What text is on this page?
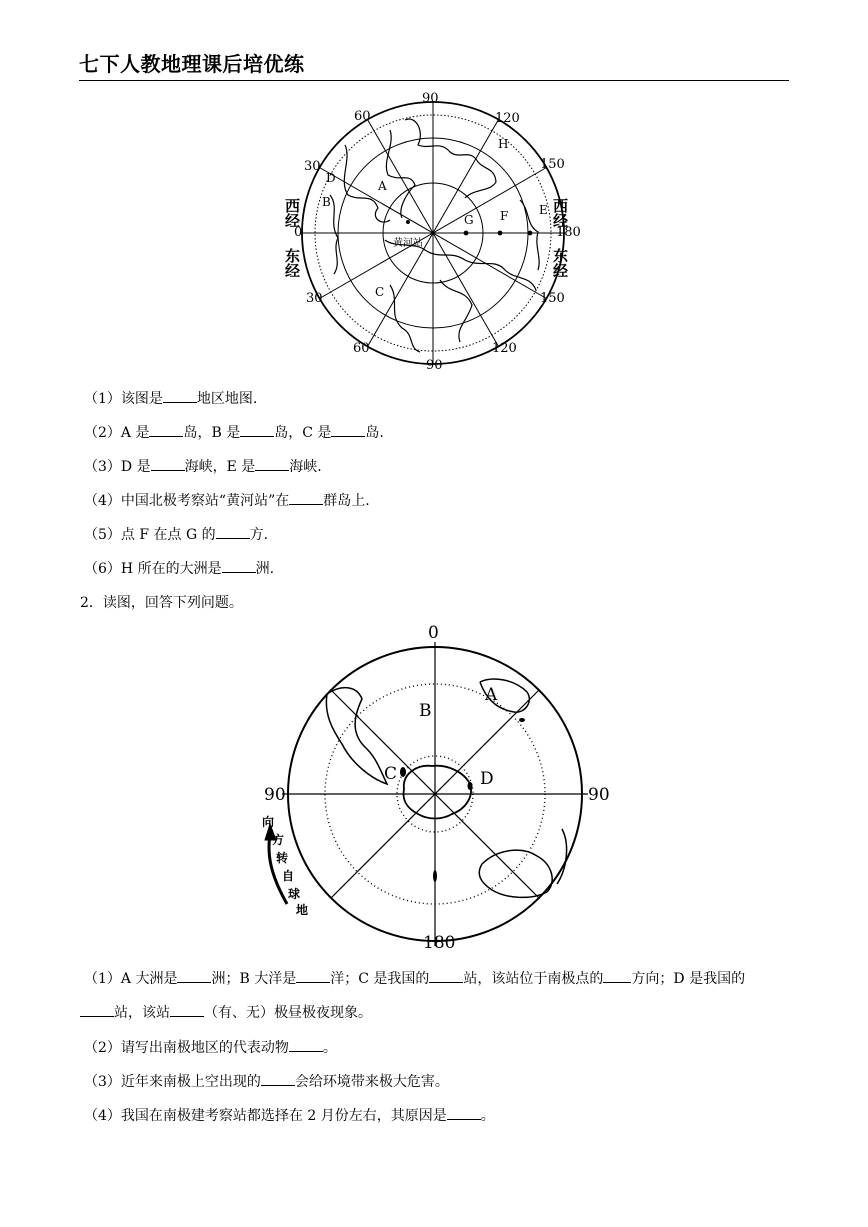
七下人教地理课后培优练
90
120
150
180
150
120
90
60
30
0
30
60
西经
东经
西经
东经
A
B
C
D
E
F
G
H
黄河站
（1）该图是 地区地图.
（2）A 是 岛，B 是 岛，C 是 岛.
（3）D 是 海峡，E 是 海峡.
（4）中国北极考察站“黄河站”在 群岛上.
（5）点 F 在点 G 的 方.
（6）H 所在的大洲是 洲.
2．读图，回答下列问题。
0
180
90	90
A
B
C	D
向
方
转
自
球
地
（1）A 大洲是 洲；B 大洋是 洋；C 是我国的 站，该站位于南极点的 方向；D 是我国的
站，该站 （有、无）极昼极夜现象。
（2）请写出南极地区的代表动物 。
（3）近年来南极上空出现的 会给环境带来极大危害。
（4）我国在南极建考察站都选择在 2 月份左右，其原因是 。
